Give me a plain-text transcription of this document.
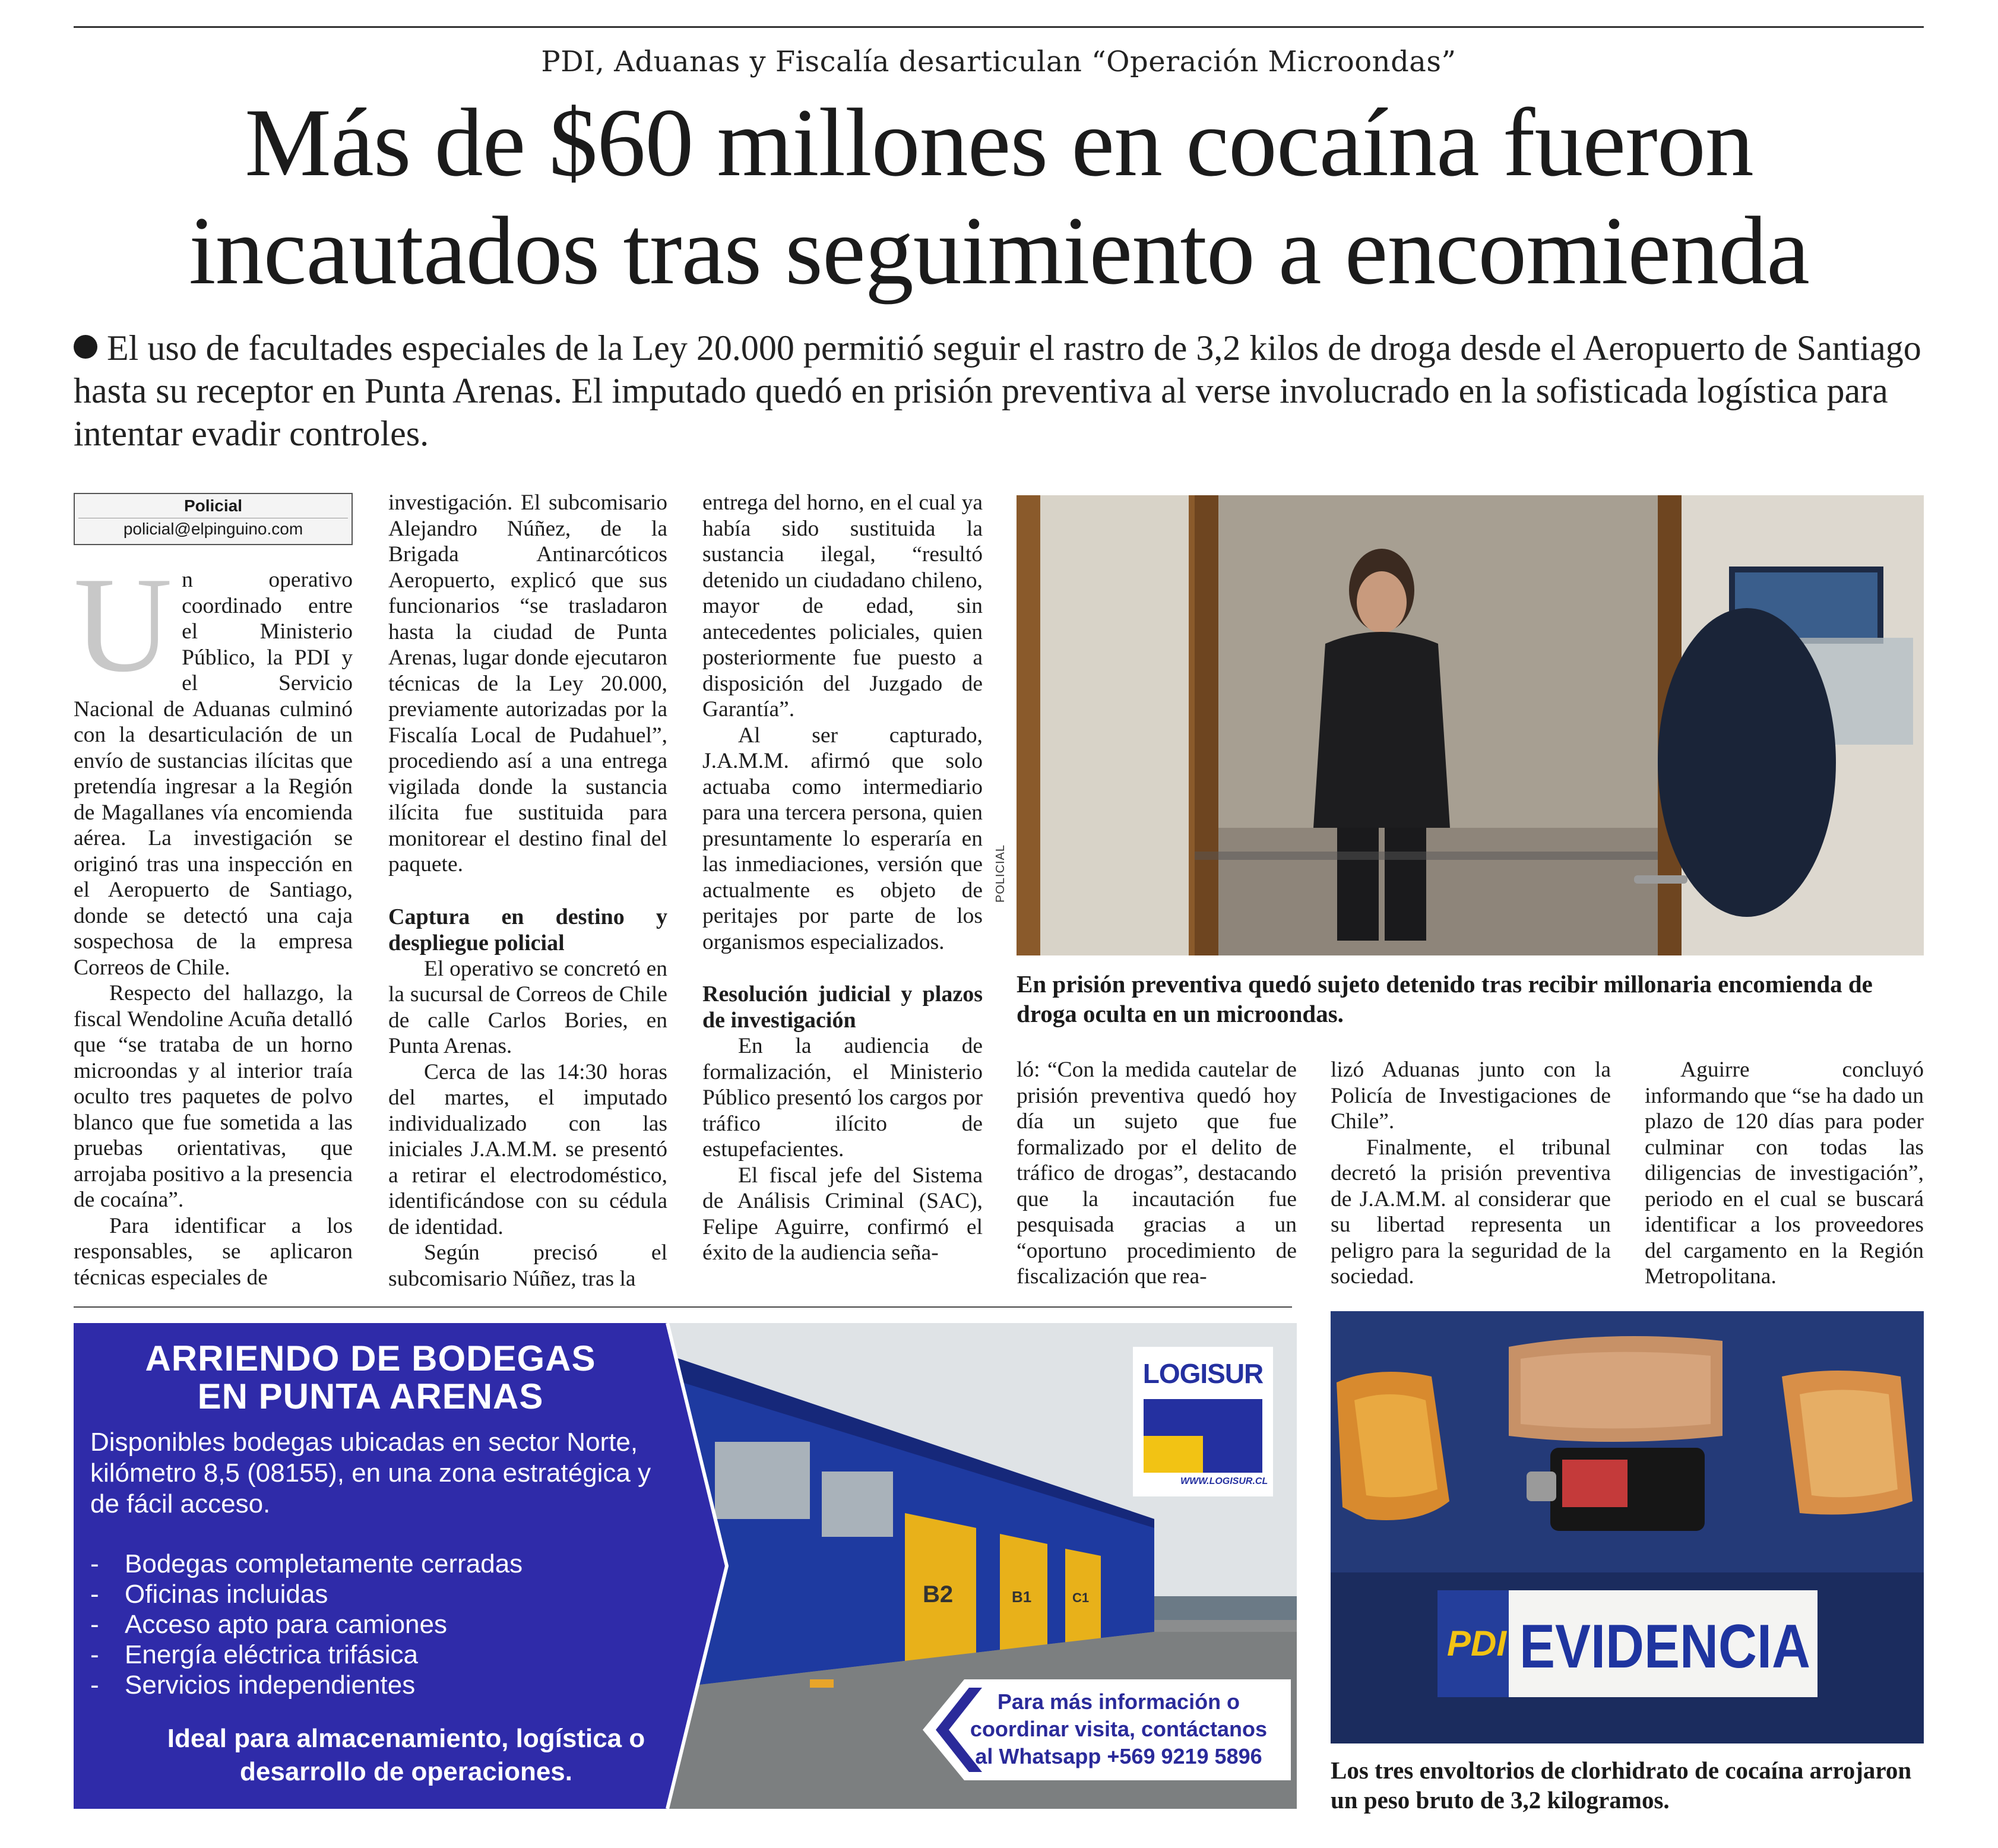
PDI, Aduanas y Fiscalía desarticulan “Operación Microondas”
Más de $60 millones en cocaína fueron
incautados tras seguimiento a encomienda
El uso de facultades especiales de la Ley 20.000 permitió seguir el rastro de 3,2 kilos de droga desde el Aeropuerto de Santiago hasta su receptor en Punta Arenas. El imputado quedó en prisión preventiva al verse involucrado en la sofisticada logística para intentar evadir controles.
Policial
policial@elpinguino.com
U n operativo coordinado entre el Ministerio Público, la PDI y el Servicio Nacional de Aduanas culminó con la desarticulación de un envío de sustancias ilícitas que pretendía ingresar a la Región de Magallanes vía encomienda aérea. La investigación se originó tras una inspección en el Aeropuerto de Santiago, donde se detectó una caja sospechosa de la empresa Correos de Chile.

Respecto del hallazgo, la fiscal Wendoline Acuña detalló que “se trataba de un horno microondas y al interior traía oculto tres paquetes de polvo blanco que fue sometida a las pruebas orientativas, que arrojaba positivo a la presencia de cocaína”.

Para identificar a los responsables, se aplicaron técnicas especiales de

investigación. El subcomisario Alejandro Núñez, de la Brigada Antinarcóticos Aeropuerto, explicó que sus funcionarios “se trasladaron hasta la ciudad de Punta Arenas, lugar donde ejecutaron técnicas de la Ley 20.000, previamente autorizadas por la Fiscalía Local de Pudahuel”, procediendo así a una entrega vigilada donde la sustancia ilícita fue sustituida para monitorear el destino final del paquete.

Captura en destino y despliegue policial

El operativo se concretó en la sucursal de Correos de Chile de calle Carlos Bories, en Punta Arenas.

Cerca de las 14:30 horas del martes, el imputado individualizado con las iniciales J.A.M.M. se presentó a retirar el electrodoméstico, identificándose con su cédula de identidad.

Según precisó el subcomisario Núñez, tras la

entrega del horno, en el cual ya había sido sustituida la sustancia ilegal, “resultó detenido un ciudadano chileno, mayor de edad, sin antecedentes policiales, quien posteriormente fue puesto a disposición del Juzgado de Garantía”.

Al ser capturado, J.A.M.M. afirmó que solo actuaba como intermediario para una tercera persona, quien presuntamente lo esperaría en las inmediaciones, versión que actualmente es objeto de peritajes por parte de los organismos especializados.

Resolución judicial y plazos de investigación

En la audiencia de formalización, el Ministerio Público presentó los cargos por tráfico ilícito de estupefacientes.

El fiscal jefe del Sistema de Análisis Criminal (SAC), Felipe Aguirre, confirmó el éxito de la audiencia seña-

POLICIAL
En prisión preventiva quedó sujeto detenido tras recibir millonaria encomienda de droga oculta en un microondas.

ló: “Con la medida cautelar de prisión preventiva quedó hoy día un sujeto que fue formalizado por el delito de tráfico de drogas”, destacando que la incautación fue pesquisada gracias a un “oportuno procedimiento de fiscalización que rea-

lizó Aduanas junto con la Policía de Investigaciones de Chile”.

Finalmente, el tribunal decretó la prisión preventiva de J.A.M.M. al considerar que su libertad representa un peligro para la seguridad de la sociedad.

Aguirre concluyó informando que “se ha dado un plazo de 120 días para poder culminar con todas las diligencias de investigación”, periodo en el cual se buscará identificar a los proveedores del cargamento en la Región Metropolitana.

B2	B1	C1
ARRIENDO DE BODEGAS
EN PUNTA ARENAS
Disponibles bodegas ubicadas en sector Norte, kilómetro 8,5 (08155), en una zona estratégica y de fácil acceso.
- Bodegas completamente cerradas
- Oficinas incluidas
- Acceso apto para camiones
- Energía eléctrica trifásica
- Servicios independientes
Ideal para almacenamiento, logística o desarrollo de operaciones.
LOGISUR
WWW.LOGISUR.CL
Para más información o coordinar visita, contáctanos al Whatsapp +569 9219 5896
PDI EVIDENCIA
Los tres envoltorios de clorhidrato de cocaína arrojaron un peso bruto de 3,2 kilogramos.
